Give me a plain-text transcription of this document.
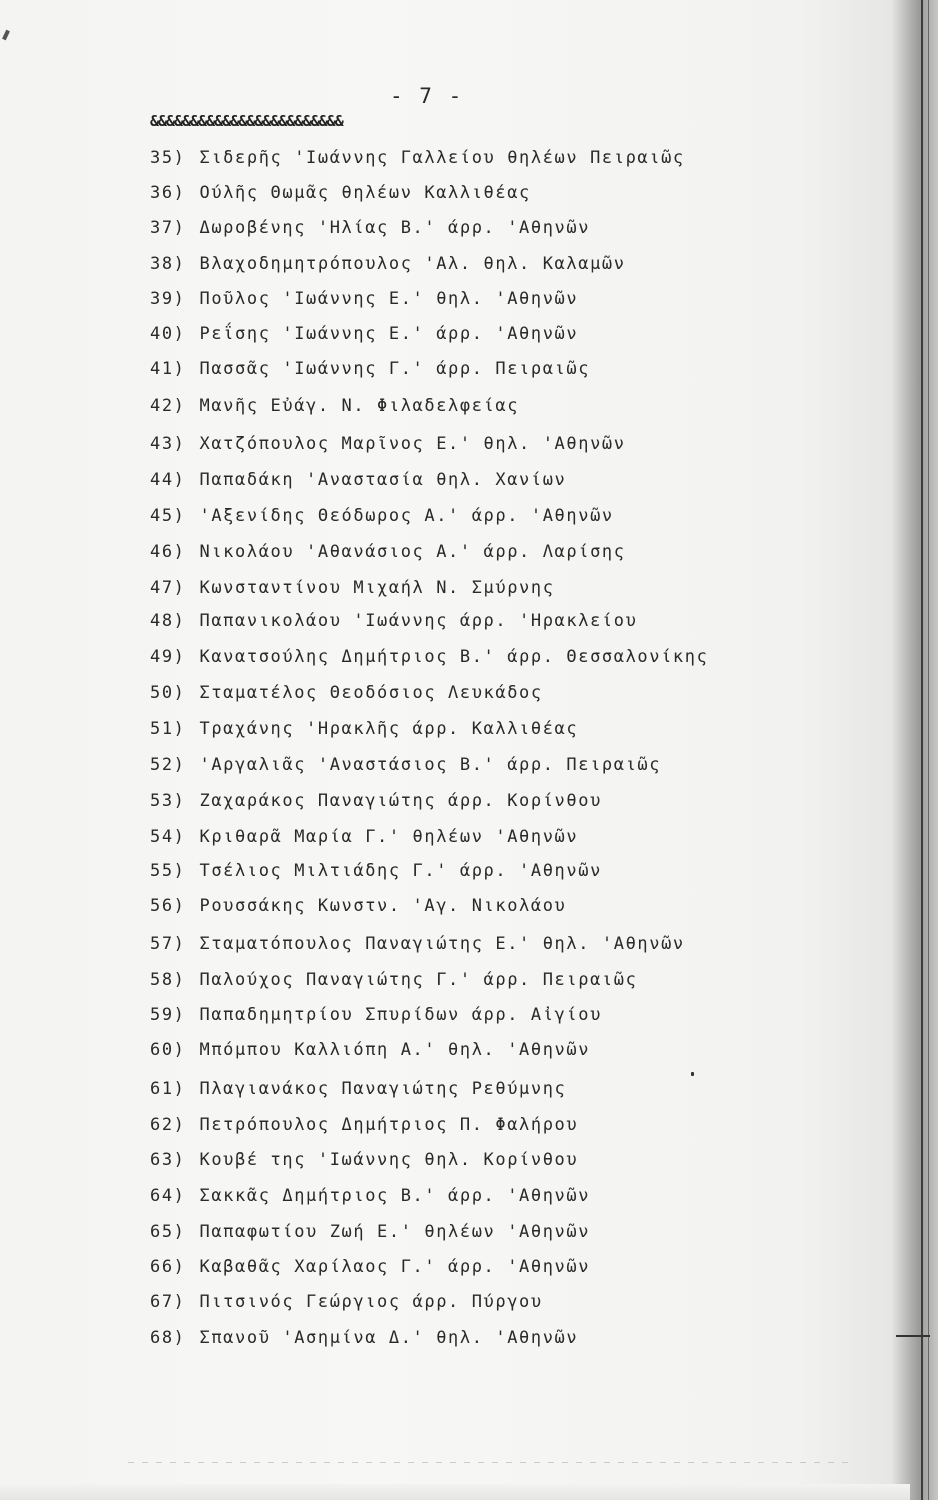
- 7 -
&&&&&&&&&&&&&&&&&&&&&&&&
35) Σιδερῆς 'Ιωάννης Γαλλείου θηλέων Πειραιῶς
36) Ούλῆς Θωμᾶς θηλέων Καλλιθέας
37) Δωροβένης 'Ηλίας Β.' άρρ. 'Αθηνῶν
38) Βλαχοδημητρόπουλος 'Αλ. θηλ. Καλαμῶν
39) Ποῦλος 'Ιωάννης Ε.' θηλ. 'Αθηνῶν
40) Ρεΐσης 'Ιωάννης Ε.' άρρ. 'Αθηνῶν
41) Πασσᾶς 'Ιωάννης Γ.' άρρ. Πειραιῶς
42) Μανῆς Εὐάγ. Ν. Φιλαδελφείας
43) Χατζόπουλος Μαρῖνος Ε.' θηλ. 'Αθηνῶν
44) Παπαδάκη 'Αναστασία θηλ. Χανίων
45) 'Αξενίδης Θεόδωρος Α.' άρρ. 'Αθηνῶν
46) Νικολάου 'Αθανάσιος Α.' άρρ. Λαρίσης
47) Κωνσταντίνου Μιχαήλ Ν. Σμύρνης
48) Παπανικολάου 'Ιωάννης άρρ. 'Ηρακλείου
49) Κανατσούλης Δημήτριος Β.' άρρ. Θεσσαλονίκης
50) Σταματέλος Θεοδόσιος Λευκάδος
51) Τραχάνης 'Ηρακλῆς άρρ. Καλλιθέας
52) 'Αργαλιᾶς 'Αναστάσιος Β.' άρρ. Πειραιῶς
53) Ζαχαράκος Παναγιώτης άρρ. Κορίνθου
54) Κριθαρᾶ Μαρία Γ.' θηλέων 'Αθηνῶν
55) Τσέλιος Μιλτιάδης Γ.' άρρ. 'Αθηνῶν
56) Ρουσσάκης Κωνστν. 'Αγ. Νικολάου
57) Σταματόπουλος Παναγιώτης Ε.' θηλ. 'Αθηνῶν
58) Παλούχος Παναγιώτης Γ.' άρρ. Πειραιῶς
59) Παπαδημητρίου Σπυρίδων άρρ. Αἰγίου
60) Μπόμπου Καλλιόπη Α.' θηλ. 'Αθηνῶν
61) Πλαγιανάκος Παναγιώτης Ρεθύμνης
62) Πετρόπουλος Δημήτριος Π. Φαλήρου
63) Κουβέ της 'Ιωάννης θηλ. Κορίνθου
64) Σακκᾶς Δημήτριος Β.' άρρ. 'Αθηνῶν
65) Παπαφωτίου Ζωή Ε.' θηλέων 'Αθηνῶν
66) Καβαθᾶς Χαρίλαος Γ.' άρρ. 'Αθηνῶν
67) Πιτσινός Γεώργιος άρρ. Πύργου
68) Σπανοῦ 'Ασημίνα Δ.' θηλ. 'Αθηνῶν
